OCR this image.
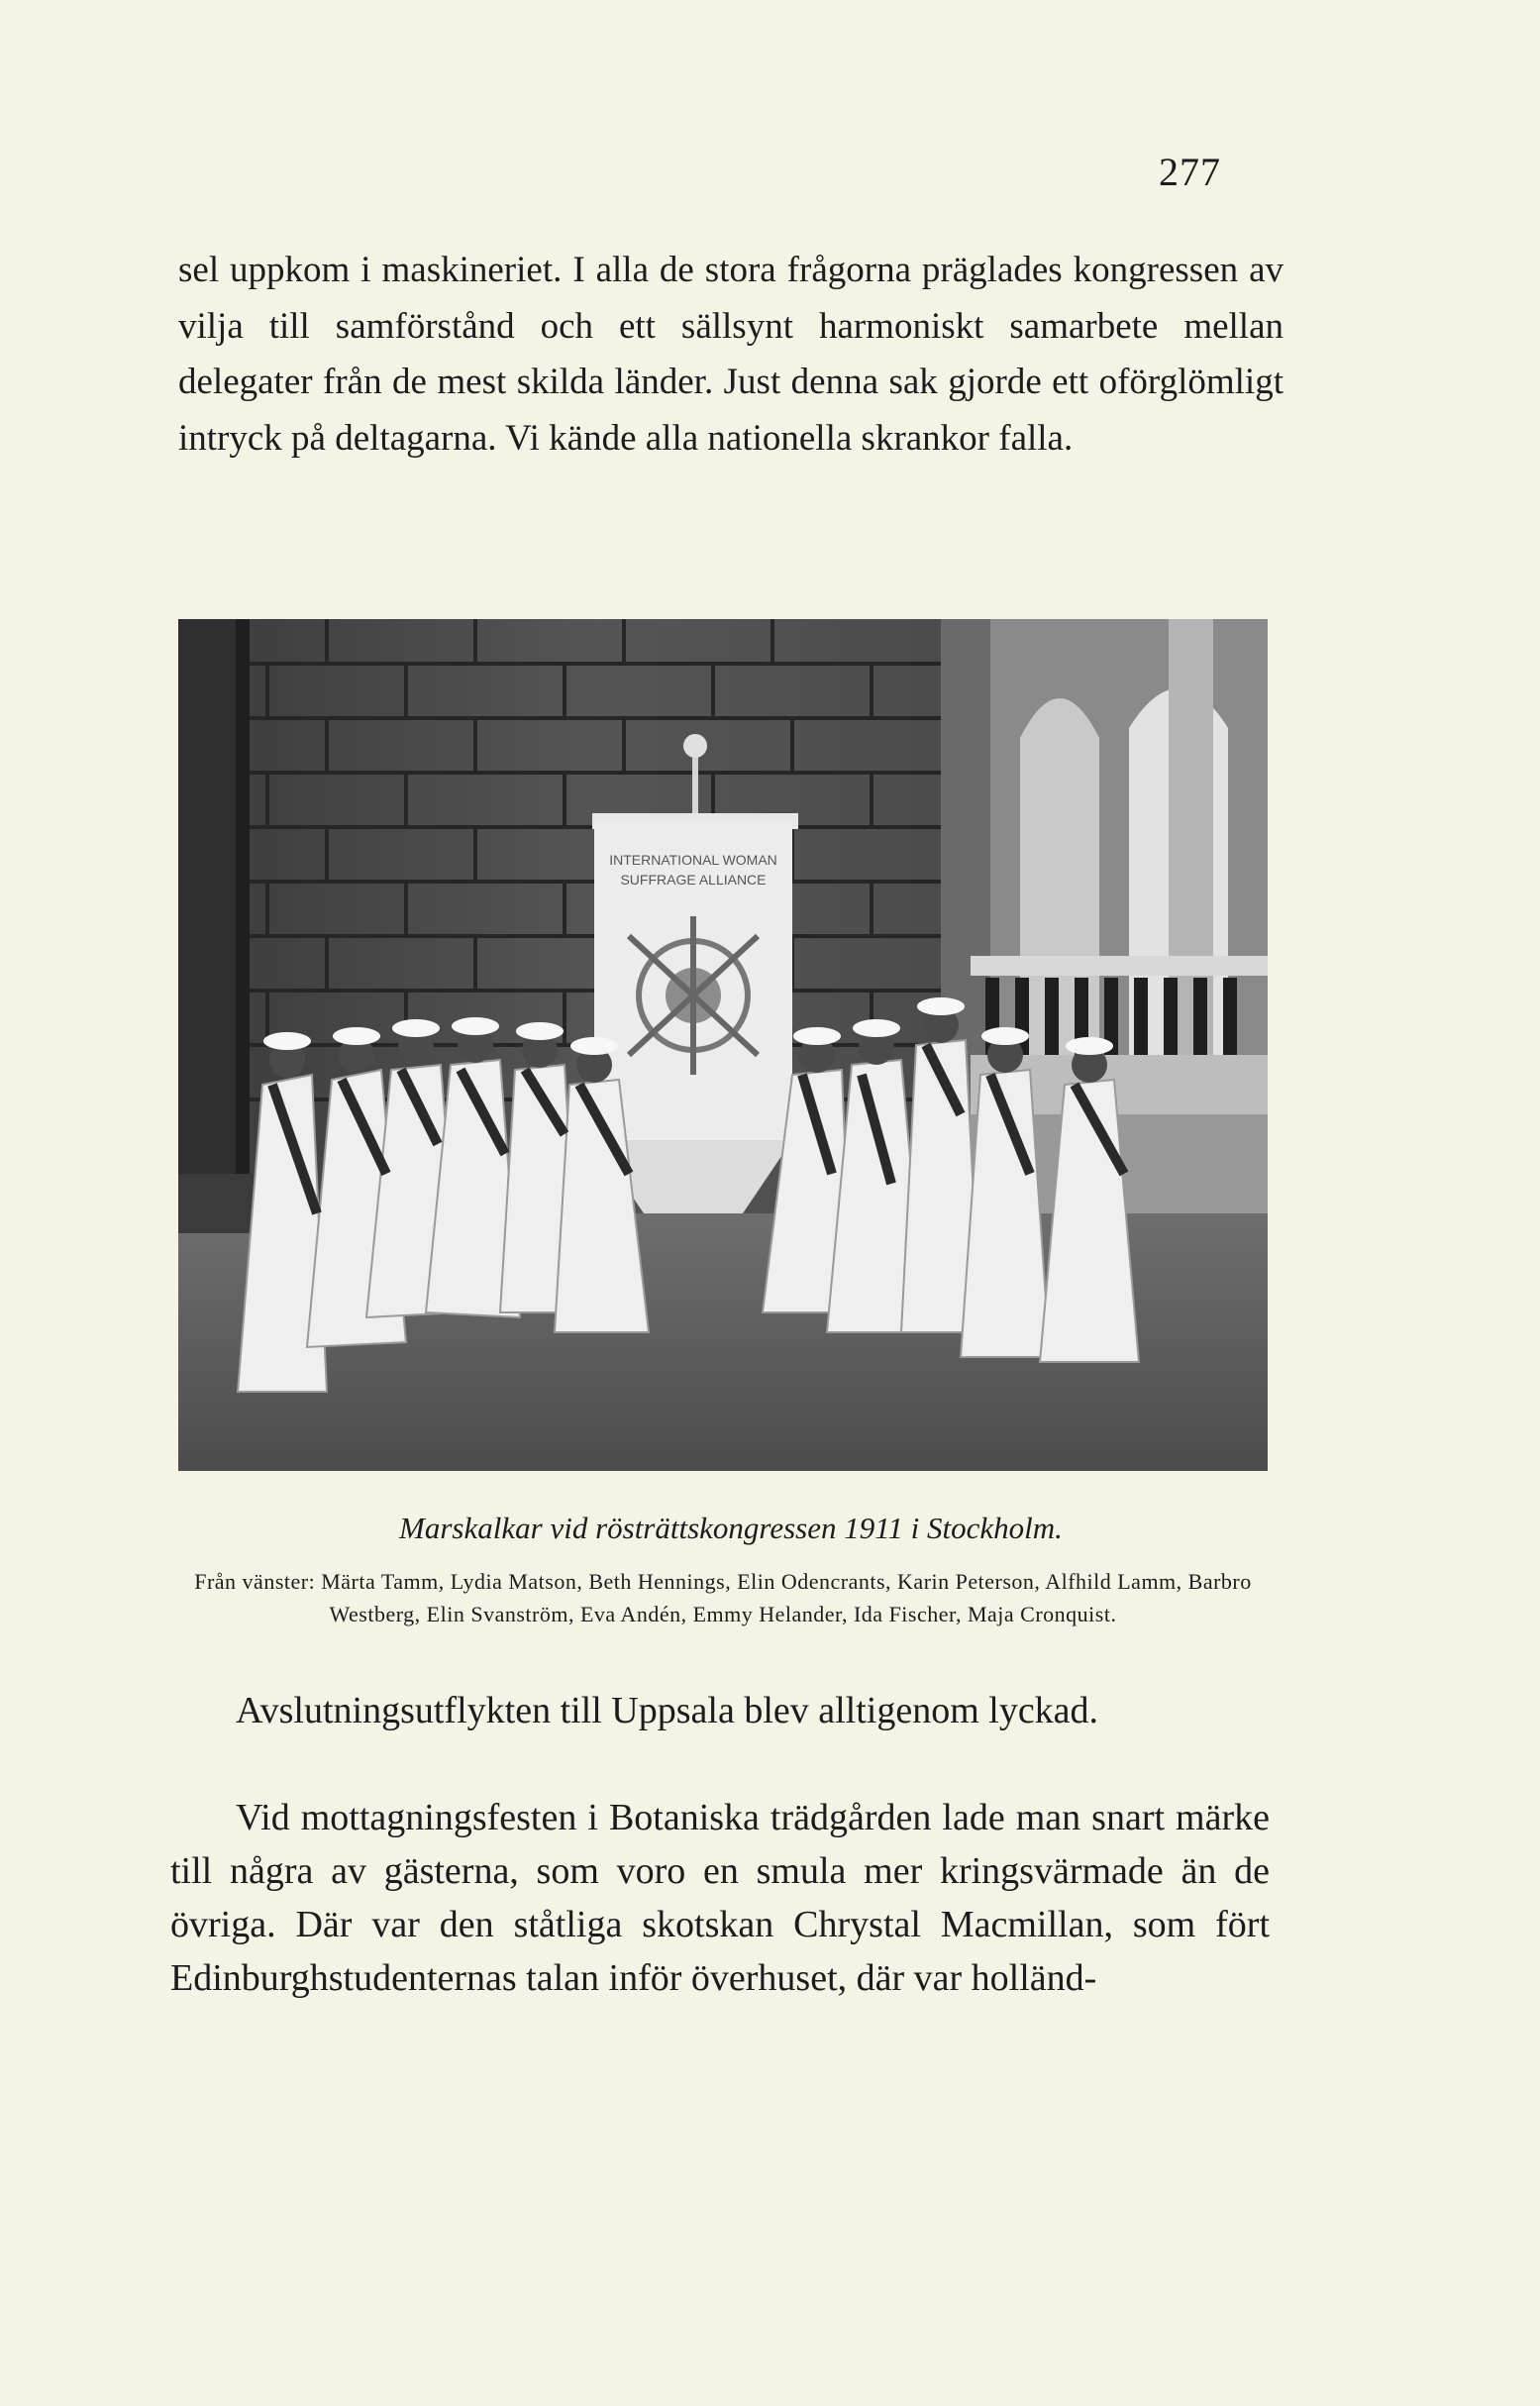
277

sel uppkom i maskineriet. I alla de stora frågorna präglades kongressen av vilja till samförstånd och ett sällsynt harmoniskt samarbete mellan delegater från de mest skilda länder. Just denna sak gjorde ett oförglömligt intryck på deltagarna. Vi kände alla nationella skrankor falla.

INTERNATIONAL WOMAN
SUFFRAGE ALLIANCE
Marskalkar vid rösträttskongressen 1911 i Stockholm.
Från vänster: Märta Tamm, Lydia Matson, Beth Hennings, Elin Odencrants, Karin Peterson, Alfhild Lamm, Barbro Westberg, Elin Svanström, Eva Andén, Emmy Helander, Ida Fischer, Maja Cronquist.

Avslutningsutflykten till Uppsala blev alltigenom lyckad.

Vid mottagningsfesten i Botaniska trädgården lade man snart märke till några av gästerna, som voro en smula mer kringsvärmade än de övriga. Där var den ståtliga skotskan Chrystal Macmillan, som fört Edinburghstudenternas talan inför överhuset, där var holländ-
